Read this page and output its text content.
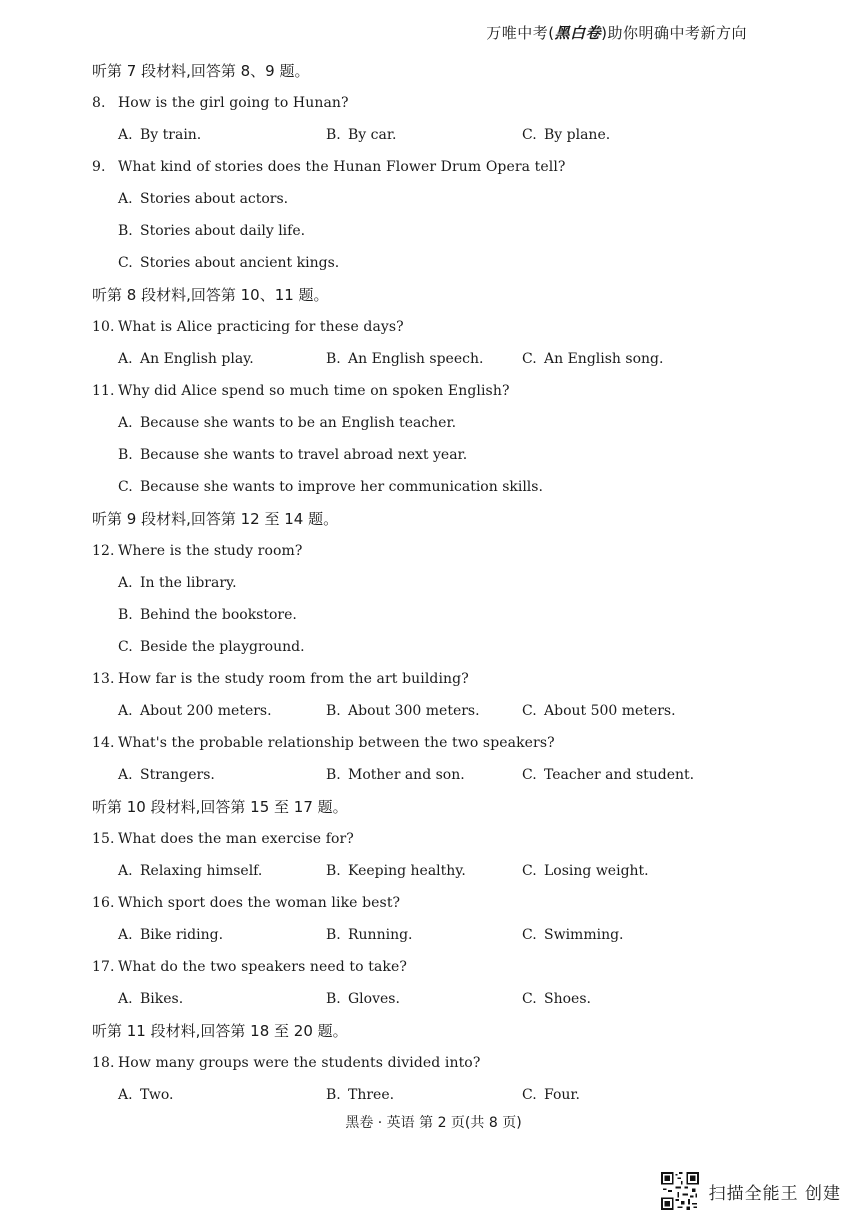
万唯中考(黑白卷)助你明确中考新方向
听第 7 段材料,回答第 8、9 题。
8. How is the girl going to Hunan?
A. By train.	B. By car.	C. By plane.
9. What kind of stories does the Hunan Flower Drum Opera tell?
A. Stories about actors.
B. Stories about daily life.
C. Stories about ancient kings.
听第 8 段材料,回答第 10、11 题。
10. What is Alice practicing for these days?
A. An English play.	B. An English speech.	C. An English song.
11. Why did Alice spend so much time on spoken English?
A. Because she wants to be an English teacher.
B. Because she wants to travel abroad next year.
C. Because she wants to improve her communication skills.
听第 9 段材料,回答第 12 至 14 题。
12. Where is the study room?
A. In the library.
B. Behind the bookstore.
C. Beside the playground.
13. How far is the study room from the art building?
A. About 200 meters.	B. About 300 meters.	C. About 500 meters.
14. What's the probable relationship between the two speakers?
A. Strangers.	B. Mother and son.	C. Teacher and student.
听第 10 段材料,回答第 15 至 17 题。
15. What does the man exercise for?
A. Relaxing himself.	B. Keeping healthy.	C. Losing weight.
16. Which sport does the woman like best?
A. Bike riding.	B. Running.	C. Swimming.
17. What do the two speakers need to take?
A. Bikes.	B. Gloves.	C. Shoes.
听第 11 段材料,回答第 18 至 20 题。
18. How many groups were the students divided into?
A. Two.	B. Three.	C. Four.
黑卷 · 英语 第 2 页(共 8 页)
扫描全能王 创建
